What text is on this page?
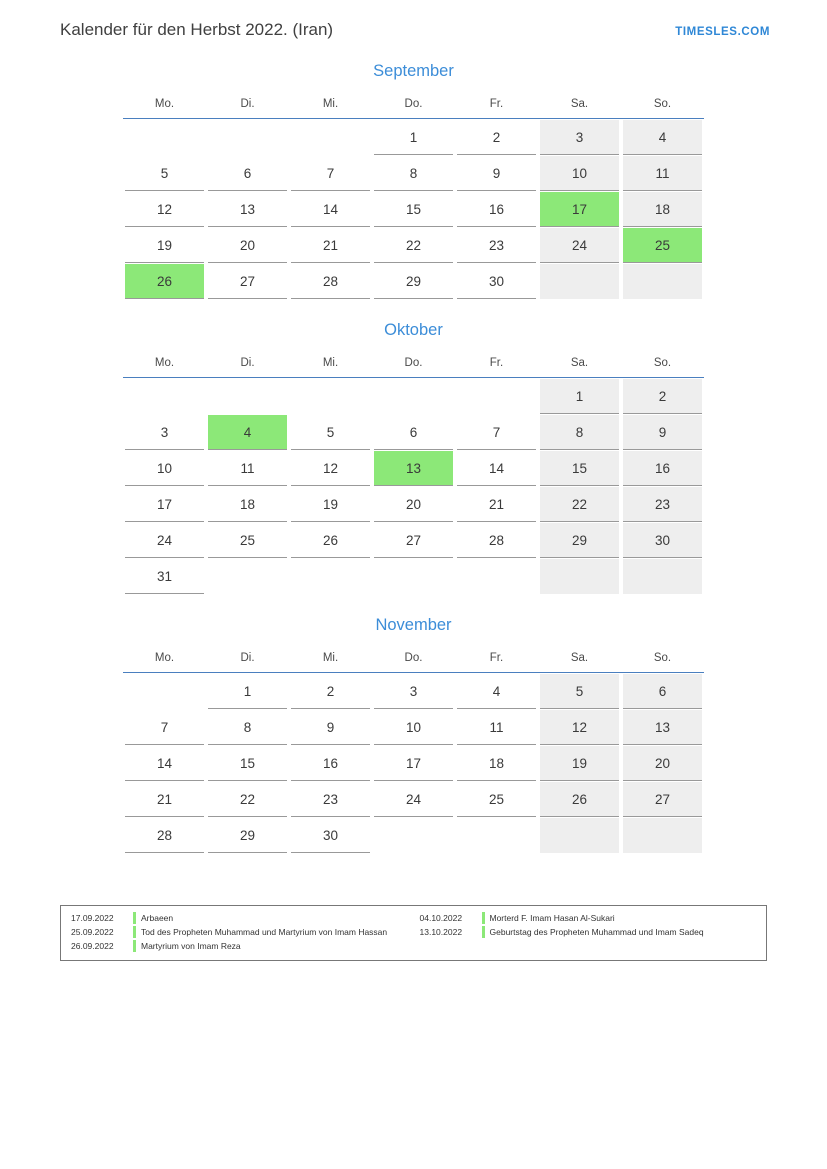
Kalender für den Herbst 2022. (Iran)	TIMESLES.COM
September
Mo.	Di.	Mi.	Do.	Fr.	Sa.	So.

			1	2	3	4

5	6	7	8	9	10	11

12	13	14	15	16	17	18

19	20	21	22	23	24	25

26	27	28	29	30		

Oktober
Mo.	Di.	Mi.	Do.	Fr.	Sa.	So.

					1	2

3	4	5	6	7	8	9

10	11	12	13	14	15	16

17	18	19	20	21	22	23

24	25	26	27	28	29	30

31						

November
Mo.	Di.	Mi.	Do.	Fr.	Sa.	So.

	1	2	3	4	5	6

7	8	9	10	11	12	13

14	15	16	17	18	19	20

21	22	23	24	25	26	27

28	29	30				

17.09.2022	Arbaeen
25.09.2022	Tod des Propheten Muhammad und Martyrium von Imam Hassan
26.09.2022	Martyrium von Imam Reza
04.10.2022	Morterd F. Imam Hasan Al-Sukari
13.10.2022	Geburtstag des Propheten Muhammad und Imam Sadeq
